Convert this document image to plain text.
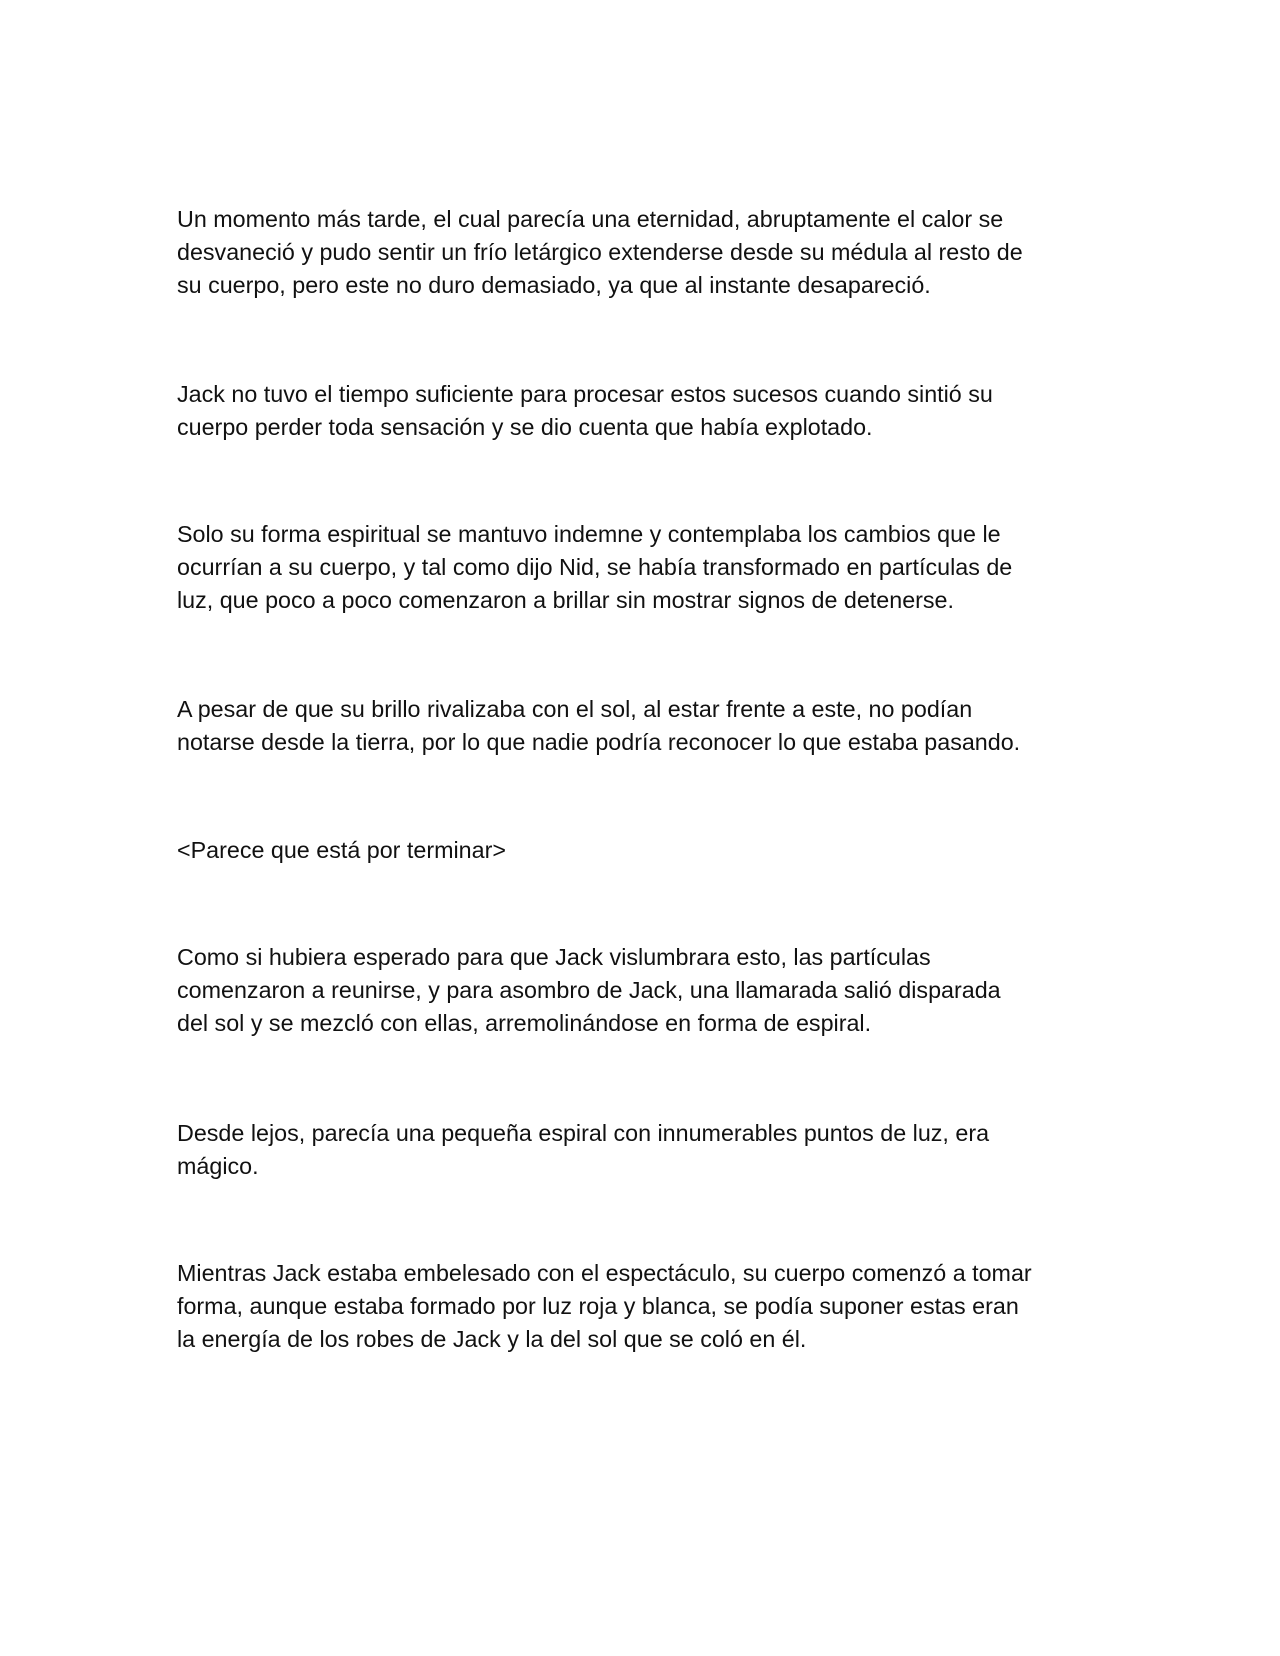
Un momento más tarde, el cual parecía una eternidad, abruptamente el calor se
desvaneció y pudo sentir un frío letárgico extenderse desde su médula al resto de
su cuerpo, pero este no duro demasiado, ya que al instante desapareció.

Jack no tuvo el tiempo suficiente para procesar estos sucesos cuando sintió su
cuerpo perder toda sensación y se dio cuenta que había explotado.

Solo su forma espiritual se mantuvo indemne y contemplaba los cambios que le
ocurrían a su cuerpo, y tal como dijo Nid, se había transformado en partículas de
luz, que poco a poco comenzaron a brillar sin mostrar signos de detenerse.

A pesar de que su brillo rivalizaba con el sol, al estar frente a este, no podían
notarse desde la tierra, por lo que nadie podría reconocer lo que estaba pasando.

<Parece que está por terminar>

Como si hubiera esperado para que Jack vislumbrara esto, las partículas
comenzaron a reunirse, y para asombro de Jack, una llamarada salió disparada
del sol y se mezcló con ellas, arremolinándose en forma de espiral.

Desde lejos, parecía una pequeña espiral con innumerables puntos de luz, era
mágico.

Mientras Jack estaba embelesado con el espectáculo, su cuerpo comenzó a tomar
forma, aunque estaba formado por luz roja y blanca, se podía suponer estas eran
la energía de los robes de Jack y la del sol que se coló en él.
